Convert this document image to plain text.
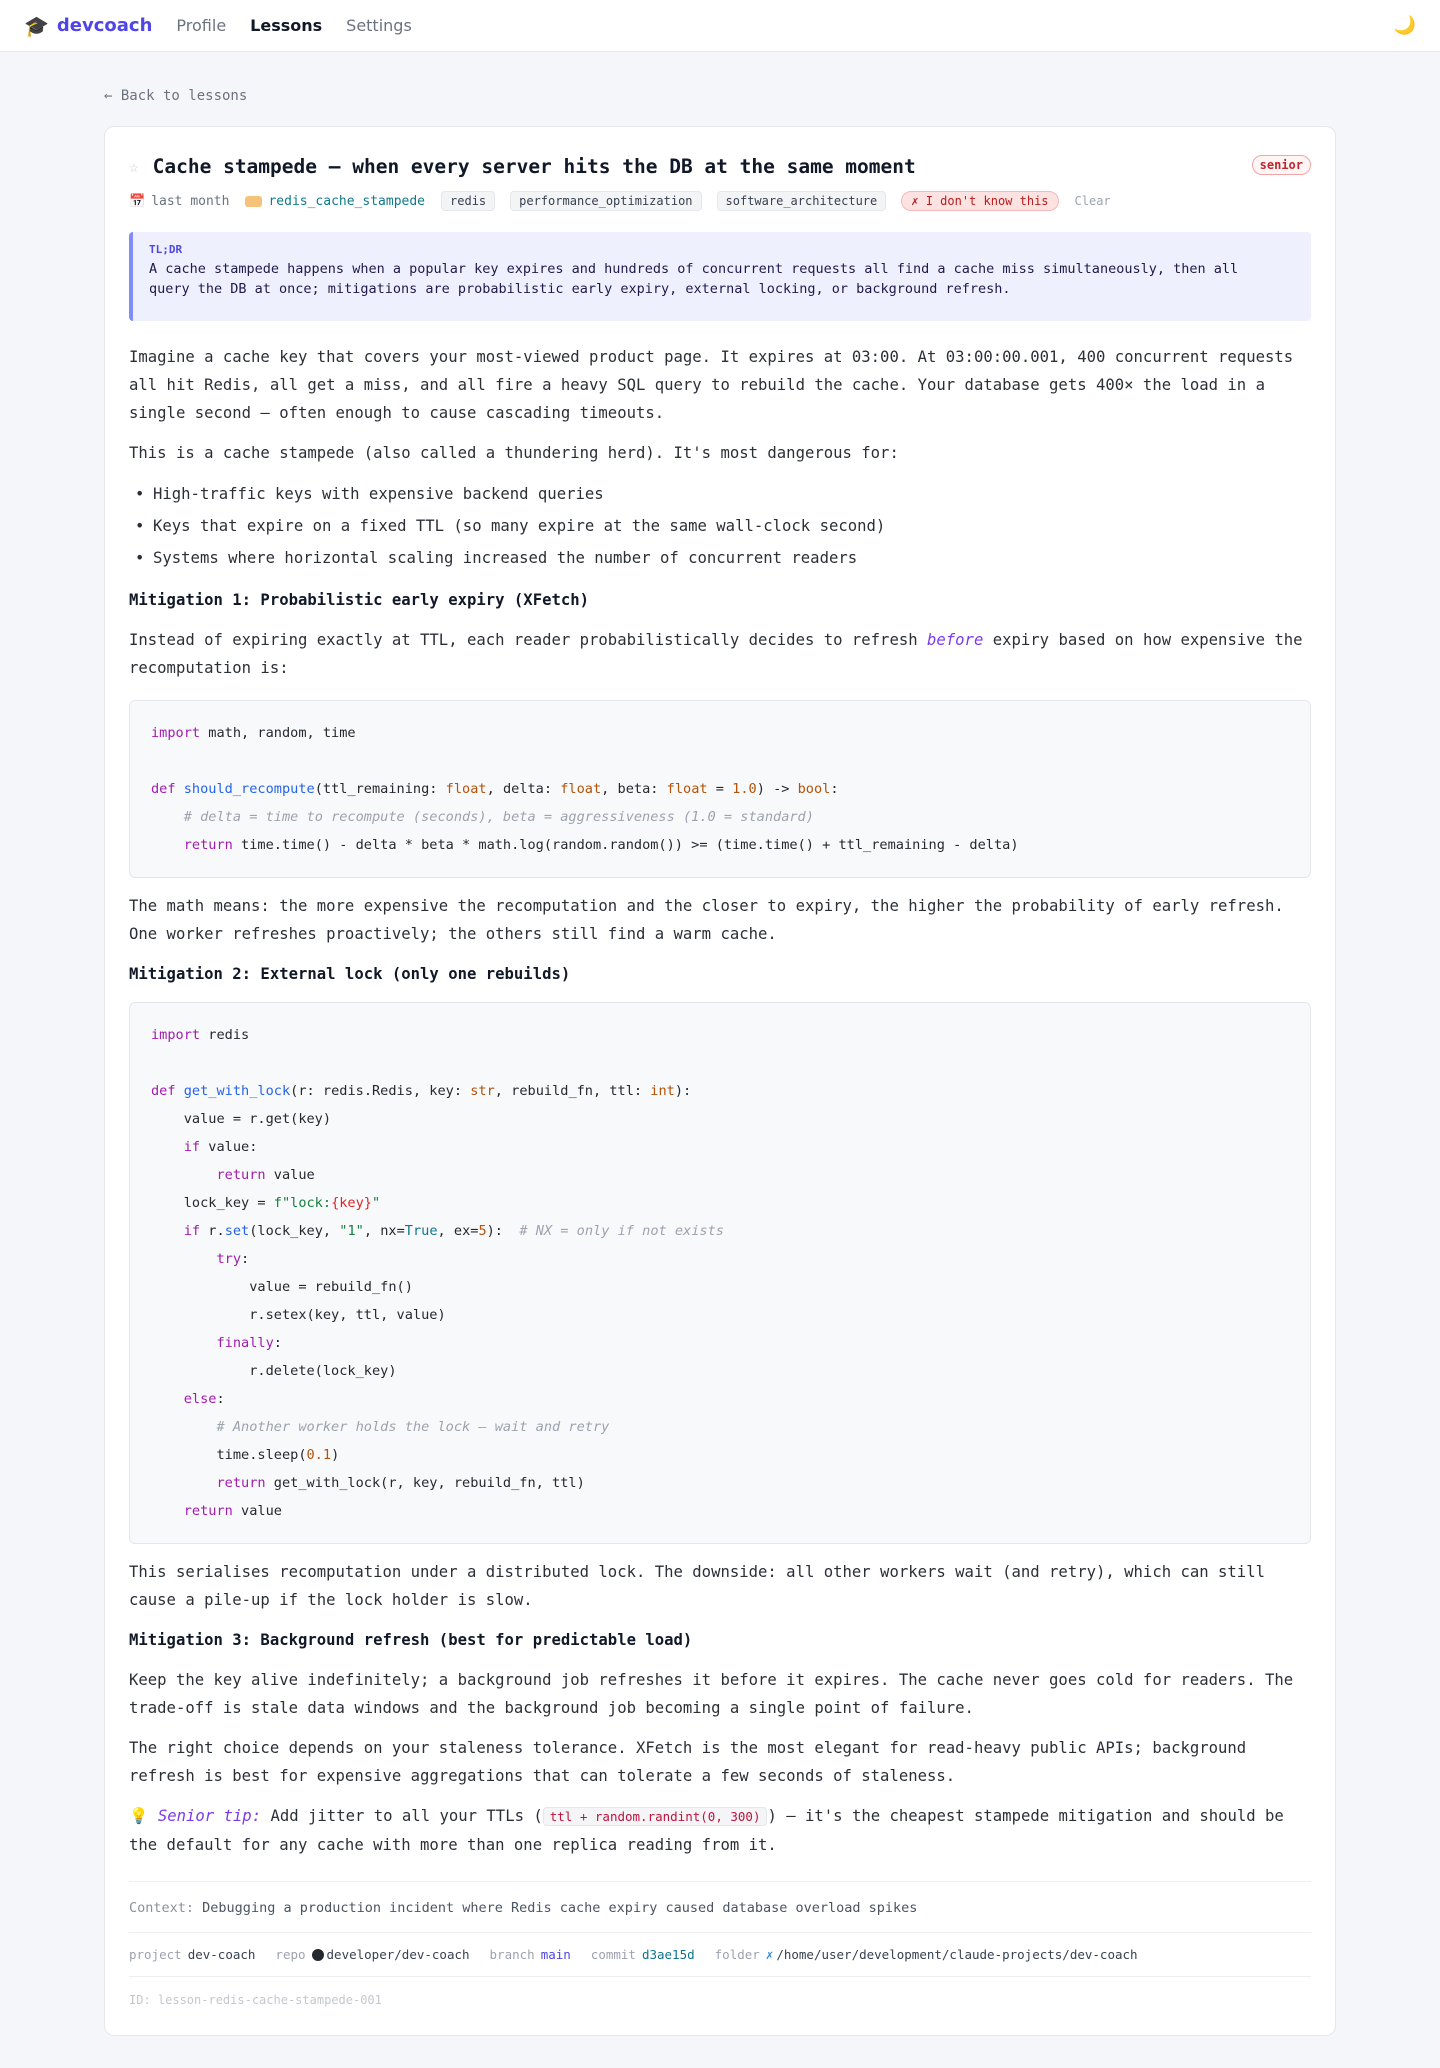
🎓 devcoach Profile Lessons Settings	🌙
← Back to lessons
☆ Cache stampede — when every server hits the DB at the same moment	senior
📅 last month	redis_cache_stampede	redis	performance_optimization	software_architecture	✗ I don't know this	Clear
TL;DR
A cache stampede happens when a popular key expires and hundreds of concurrent requests all find a cache miss simultaneously, then all query the DB at once; mitigations are probabilistic early expiry, external locking, or background refresh.

Imagine a cache key that covers your most-viewed product page. It expires at 03:00. At 03:00:00.001, 400 concurrent requests all hit Redis, all get a miss, and all fire a heavy SQL query to rebuild the cache. Your database gets 400× the load in a single second — often enough to cause cascading timeouts.

This is a cache stampede (also called a thundering herd). It's most dangerous for:

• High-traffic keys with expensive backend queries
• Keys that expire on a fixed TTL (so many expire at the same wall-clock second)
• Systems where horizontal scaling increased the number of concurrent readers
Mitigation 1: Probabilistic early expiry (XFetch)

Instead of expiring exactly at TTL, each reader probabilistically decides to refresh before expiry based on how expensive the recomputation is:

import math, random, time

def should_recompute(ttl_remaining: float, delta: float, beta: float = 1.0) -> bool:
# delta = time to recompute (seconds), beta = aggressiveness (1.0 = standard)
return time.time() - delta * beta * math.log(random.random()) >= (time.time() + ttl_remaining - delta)

The math means: the more expensive the recomputation and the closer to expiry, the higher the probability of early refresh. One worker refreshes proactively; the others still find a warm cache.

Mitigation 2: External lock (only one rebuilds)
import redis

def get_with_lock(r: redis.Redis, key: str, rebuild_fn, ttl: int):
value = r.get(key)
if value:
return value
lock_key = f"lock:{key}"
if r.set(lock_key, "1", nx=True, ex=5):  # NX = only if not exists
try:
value = rebuild_fn()
r.setex(key, ttl, value)
finally:
r.delete(lock_key)
else:
# Another worker holds the lock — wait and retry
time.sleep(0.1)
return get_with_lock(r, key, rebuild_fn, ttl)
return value

This serialises recomputation under a distributed lock. The downside: all other workers wait (and retry), which can still cause a pile-up if the lock holder is slow.

Mitigation 3: Background refresh (best for predictable load)

Keep the key alive indefinitely; a background job refreshes it before it expires. The cache never goes cold for readers. The trade-off is stale data windows and the background job becoming a single point of failure.

The right choice depends on your staleness tolerance. XFetch is the most elegant for read-heavy public APIs; background refresh is best for expensive aggregations that can tolerate a few seconds of staleness.

💡 Senior tip: Add jitter to all your TTLs ( ttl + random.randint(0, 300) ) — it's the cheapest stampede mitigation and should be the default for any cache with more than one replica reading from it.

Context: Debugging a production incident where Redis cache expiry caused database overload spikes
project dev-coach repo developer/dev-coach branch main commit d3ae15d folder ✗ /home/user/development/claude-projects/dev-coach
ID: lesson-redis-cache-stampede-001
